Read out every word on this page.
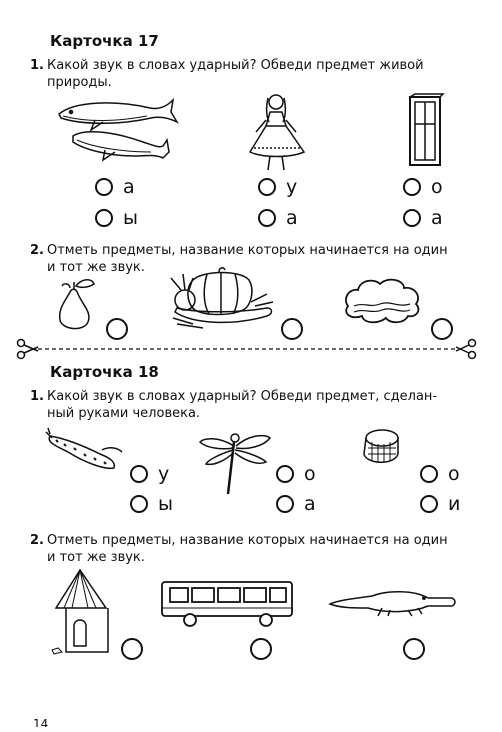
Карточка 17
1. Какой звук в словах ударный? Обведи предмет живой
природы.
а
ы
у
а
о
а
2. Отметь предметы, название которых начинается на один
и тот же звук.
Карточка 18
1. Какой звук в словах ударный? Обведи предмет, сделан-
ный руками человека.
у
ы
о
а
о
и
2. Отметь предметы, название которых начинается на один
и тот же звук.
14
